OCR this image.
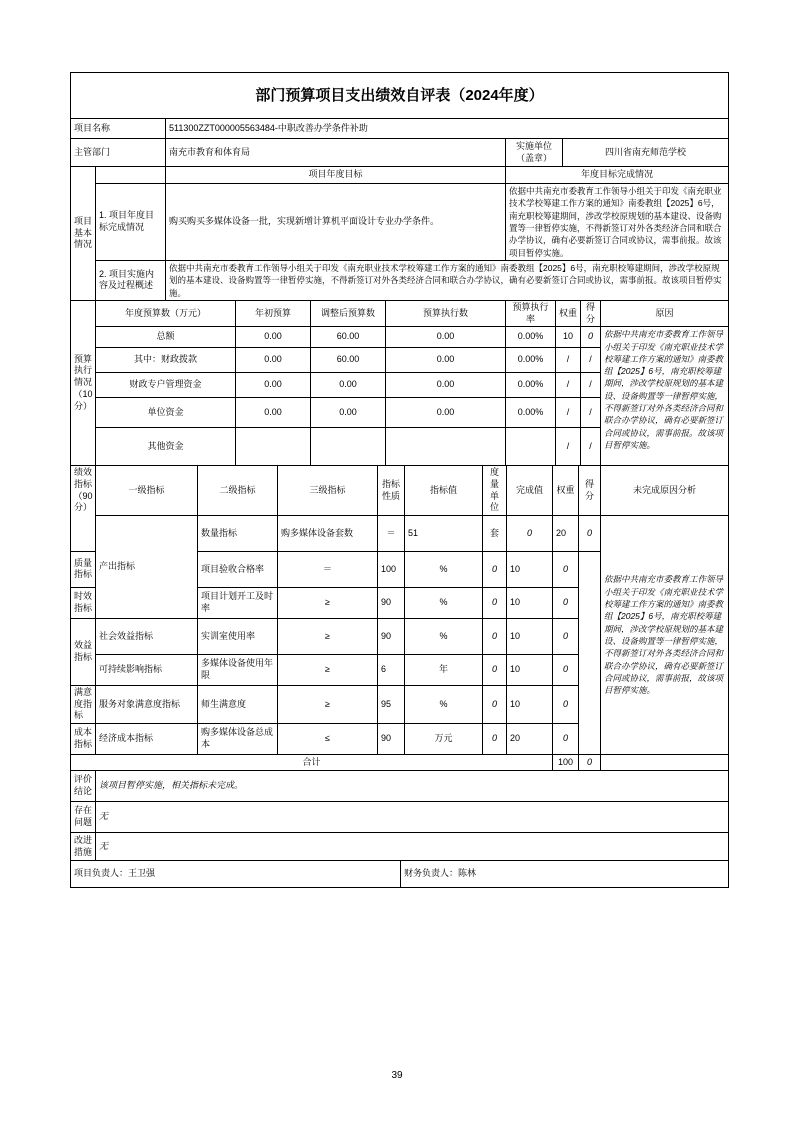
部门预算项目支出绩效自评表（2024年度）			
项目名称	511300ZZT000005563484-中职改善办学条件补助		
主管部门	南充市教育和体育局	实施单位（盖章）	四川省南充师范学校
项目基本情况		项目年度目标	年度目标完成情况
	1. 项目年度目标完成情况	购买购买多媒体设备一批，实现新增计算机平面设计专业办学条件。	依据中共南充市委教育工作领导小组关于印发《南充职业技术学校筹建工作方案的通知》南委教组【2025】6号，南充职校筹建期间，涉改学校原规划的基本建设、设备购置等一律暂停实施，不得新签订对外各类经济合同和联合办学协议，确有必要新签订合同或协议，需事前报。故该项目暂停实施。
	2. 项目实施内容及过程概述	依据中共南充市委教育工作领导小组关于印发《南充职业技术学校筹建工作方案的通知》南委教组【2025】6号，南充职校筹建期间，涉改学校原规划的基本建设、设备购置等一律暂停实施，不得新签订对外各类经济合同和联合办学协议，确有必要新签订合同或协议，需事前报。故该项目暂停实施。	
预算执行情况（10分）	年度预算数（万元）	年初预算	调整后预算数	预算执行数	预算执行率	权重	得分	原因
	总额	0.00	60.00	0.00	0.00%	10	0	依据中共南充市委教育工作领导小组关于印发《南充职业技术学校筹建工作方案的通知》南委教组【2025】6号，南充职校筹建期间，涉改学校原规划的基本建设、设备购置等一律暂停实施，不得新签订对外各类经济合同和联合办学协议，确有必要新签订合同或协议，需事前报。故该项目暂停实施。
	其中：财政拨款	0.00	60.00	0.00	0.00%	/	/	
	财政专户管理资金	0.00	0.00	0.00	0.00%	/	/	
	单位资金	0.00	0.00	0.00	0.00%	/	/	
	其他资金					/	/	
绩效指标（90分）	一级指标	二级指标	三级指标	指标性质	指标值	度量单位	完成值	权重	得分	未完成原因分析
	产出指标	数量指标	购多媒体设备套数	＝	51	套	0	20	0	依据中共南充市委教育工作领导小组关于印发《南充职业技术学校筹建工作方案的通知》南委教组【2025】6号，南充职校筹建期间，涉改学校原规划的基本建设、设备购置等一律暂停实施，不得新签订对外各类经济合同和联合办学协议，确有必要新签订合同或协议，需事前报，故该项目暂停实施。
质量指标		项目验收合格率	＝	100	%	0	10	0		
时效指标		项目计划开工及时率	≥	90	%	0	10	0		
效益指标	社会效益指标	实训室使用率	≥	90	%	0	10	0		
	可持续影响指标	多媒体设备使用年限	≥	6	年	0	10	0		
满意度指标	服务对象满意度指标	师生满意度	≥	95	%	0	10	0		
成本指标	经济成本指标	购多媒体设备总成本	≤	90	万元	0	20	0		
合计								100	0	
评价结论	该项目暂停实施，相关指标未完成。	
存在问题	无	
改进措施	无	
项目负责人：王卫强		财务负责人：陈林
39
